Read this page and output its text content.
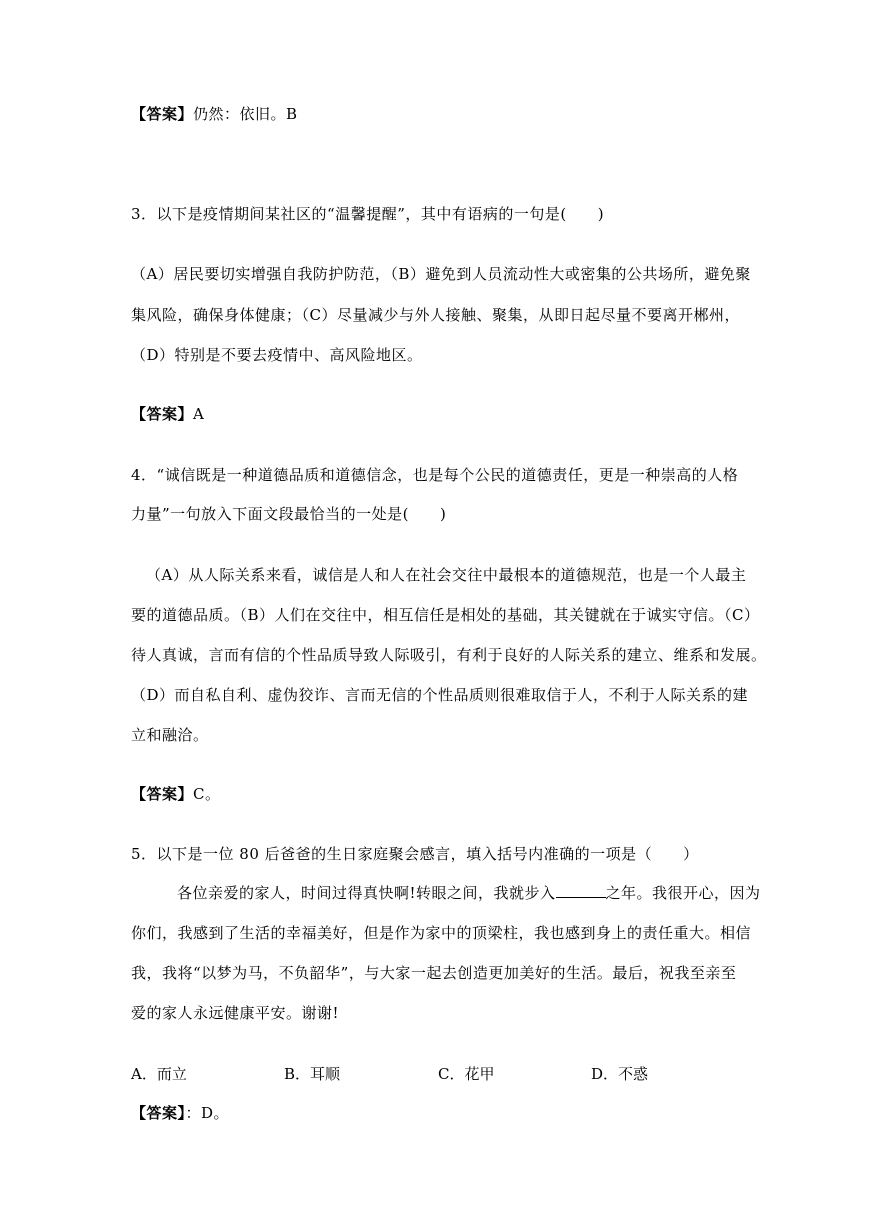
【答案】仍然：依旧。B
3．以下是疫情期间某社区的“温馨提醒”，其中有语病的一句是(　　)
（A）居民要切实增强自我防护防范，（B）避免到人员流动性大或密集的公共场所，避免聚
集风险，确保身体健康；（C）尽量减少与外人接触、聚集，从即日起尽量不要离开郴州，
（D）特别是不要去疫情中、高风险地区。
【答案】A
4．“诚信既是一种道德品质和道德信念，也是每个公民的道德责任，更是一种崇高的人格
力量”一句放入下面文段最恰当的一处是(　　)
（A）从人际关系来看，诚信是人和人在社会交往中最根本的道德规范，也是一个人最主
要的道德品质。（B）人们在交往中，相互信任是相处的基础，其关键就在于诚实守信。（C）
待人真诚，言而有信的个性品质导致人际吸引，有利于良好的人际关系的建立、维系和发展。
（D）而自私自利、虚伪狡诈、言而无信的个性品质则很难取信于人，不利于人际关系的建
立和融洽。
【答案】C。
5．以下是一位 80 后爸爸的生日家庭聚会感言，填入括号内准确的一项是（　　）
各位亲爱的家人，时间过得真快啊!转眼之间，我就步入	之年。我很开心，因为
你们，我感到了生活的幸福美好，但是作为家中的顶梁柱，我也感到身上的责任重大。相信
我，我将“以梦为马，不负韶华”，与大家一起去创造更加美好的生活。最后，祝我至亲至
爱的家人永远健康平安。谢谢!
A．而立	B．耳顺	C．花甲	D．不惑
【答案】：D。
